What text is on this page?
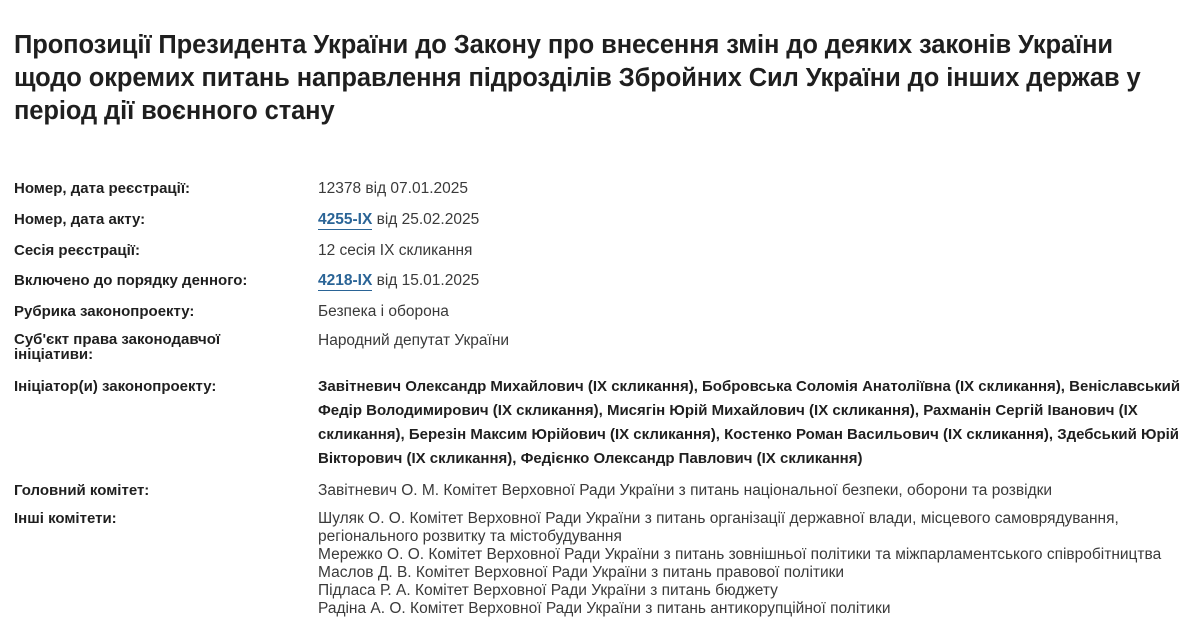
Пропозиції Президента України до Закону про внесення змін до деяких законів України щодо окремих питань направлення підрозділів Збройних Сил України до інших держав у період дії воєнного стану
Номер, дата реєстрації:	12378 від 07.01.2025
Номер, дата акту:	4255-IX від 25.02.2025
Сесія реєстрації:	12 сесія IX скликання
Включено до порядку денного:	4218-IX від 15.01.2025
Рубрика законопроекту:	Безпека і оборона
Суб'єкт права законодавчої ініціативи:
Народний депутат України
Ініціатор(и) законопроекту:	Завітневич Олександр Михайлович (IX скликання), Бобровська Соломія Анатоліївна (IX скликання), Веніславський Федір Володимирович (IX скликання), Мисягін Юрій Михайлович (IX скликання), Рахманін Сергій Іванович (IX скликання), Березін Максим Юрійович (IX скликання), Костенко Роман Васильович (IX скликання), Здебський Юрій Вікторович (IX скликання), Федієнко Олександр Павлович (IX скликання)
Головний комітет:	Завітневич О. М. Комітет Верховної Ради України з питань національної безпеки, оборони та розвідки
Інші комітети:	Шуляк О. О. Комітет Верховної Ради України з питань організації державної влади, місцевого самоврядування, регіонального розвитку та містобудування
Мережко О. О. Комітет Верховної Ради України з питань зовнішньої політики та міжпарламентського співробітництва
Маслов Д. В. Комітет Верховної Ради України з питань правової політики
Підласа Р. А. Комітет Верховної Ради України з питань бюджету
Радіна А. О. Комітет Верховної Ради України з питань антикорупційної політики
